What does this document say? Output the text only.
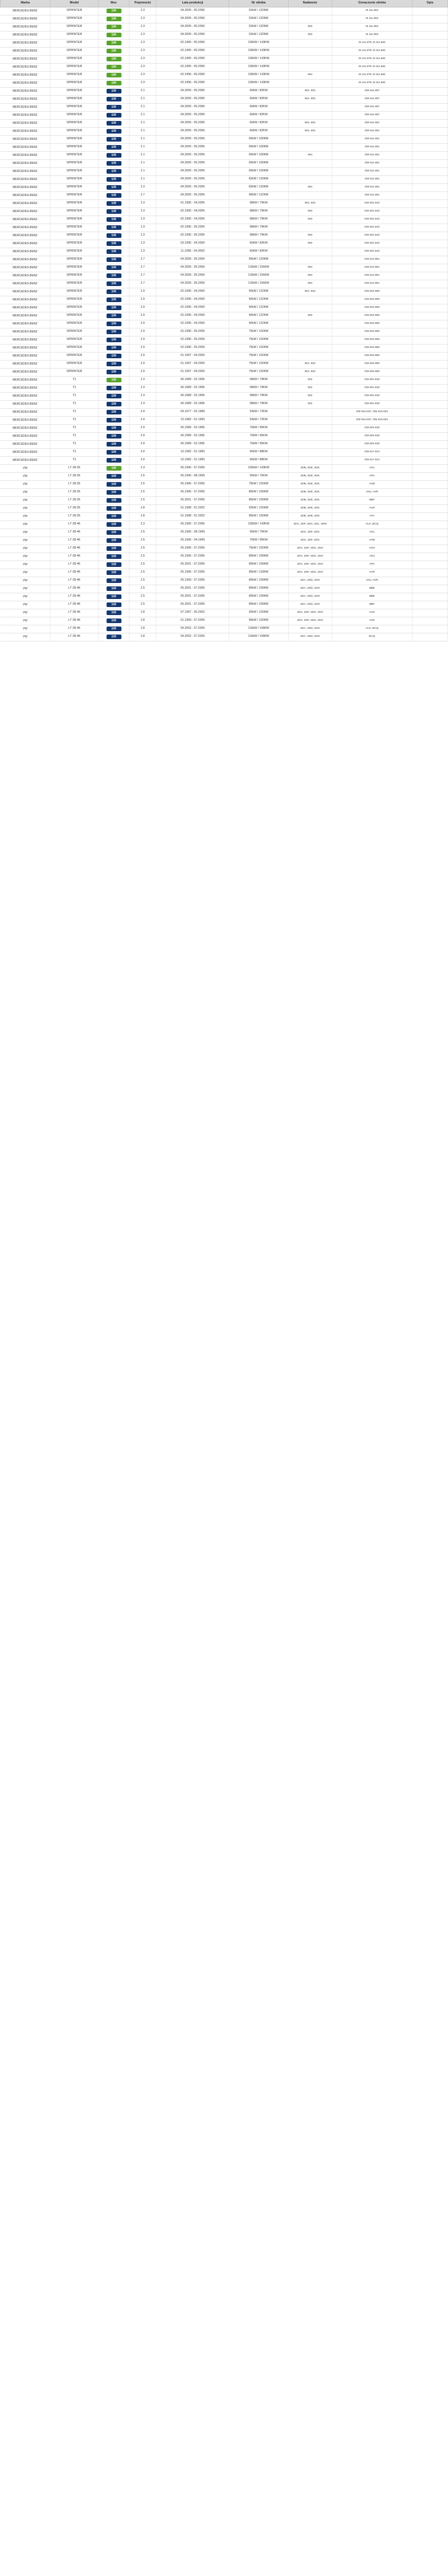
Marka	Model	Moc	Pojemność	Lata produkcji	Nr silnika	Nadwozie	Oznaczenie silnika	Opis
MERCEDES-BENZ	SPRINTER	109	2.3	04.2000 - 05.2006	52kW / 120KM		M 111.984	
MERCEDES-BENZ	SPRINTER	109	2.3	04.2000 - 05.2006	52kW / 120KM		M 111.984	
MERCEDES-BENZ	SPRINTER	109	2.3	04.2000 - 05.2006	52kW / 120KM	903	M 111.984	
MERCEDES-BENZ	SPRINTER	109	2.3	04.2000 - 05.2006	52kW / 120KM	903	M 111.984	
MERCEDES-BENZ	SPRINTER	109	2.3	02.1995 - 05.2006	105kW / 143KM		M 111.979; M 111.984	
MERCEDES-BENZ	SPRINTER	109	2.3	02.1995 - 05.2006	105kW / 143KM		M 111.979; M 111.984	
MERCEDES-BENZ	SPRINTER	109	2.3	02.1995 - 05.2006	105kW / 143KM		M 111.979; M 111.984	
MERCEDES-BENZ	SPRINTER	109	2.3	02.1995 - 05.2006	105kW / 143KM		M 111.979; M 111.984	
MERCEDES-BENZ	SPRINTER	109	2.3	02.1996 - 05.2006	105kW / 143KM	904	M 111.979; M 111.984	
MERCEDES-BENZ	SPRINTER	109	2.3	02.1996 - 05.2006	105kW / 143KM		M 111.979; M 111.984	
MERCEDES-BENZ	SPRINTER	109	2.1	04.2000 - 05.2006	60kW / 82KM	901; 902	OM 611.987	
MERCEDES-BENZ	SPRINTER	109	2.1	04.2000 - 05.2006	60kW / 82KM	901; 902	OM 611.987	
MERCEDES-BENZ	SPRINTER	109	2.1	04.2000 - 05.2006	60kW / 82KM		OM 611.987	
MERCEDES-BENZ	SPRINTER	109	2.1	04.2000 - 05.2006	60kW / 82KM		OM 611.987	
MERCEDES-BENZ	SPRINTER	109	2.1	04.2000 - 05.2006	60kW / 82KM	901; 902	OM 611.981	
MERCEDES-BENZ	SPRINTER	109	2.1	04.2000 - 05.2006	60kW / 82KM	901; 902	OM 611.981	
MERCEDES-BENZ	SPRINTER	109	2.1	04.2000 - 05.2006	60kW / 100KM		OM 611.981	
MERCEDES-BENZ	SPRINTER	109	2.1	04.2000 - 05.2006	60kW / 100KM		OM 611.981	
MERCEDES-BENZ	SPRINTER	109	2.1	04.2000 - 05.2006	60kW / 100KM	904	OM 611.981	
MERCEDES-BENZ	SPRINTER	109	2.1	04.2000 - 05.2006	60kW / 100KM		OM 611.981	
MERCEDES-BENZ	SPRINTER	109	2.1	04.2000 - 05.2006	60kW / 100KM		OM 611.981	
MERCEDES-BENZ	SPRINTER	109	2.1	04.2000 - 05.2006	82kW / 120KM		OM 611.981	
MERCEDES-BENZ	SPRINTER	109	2.3	04.2000 - 05.2006	82kW / 120KM	904	OM 611.981	
MERCEDES-BENZ	SPRINTER	109	2.7	04.2000 - 05.2006	90kW / 122KM		OM 611.981	
MERCEDES-BENZ	SPRINTER	109	2.3	01.1995 - 04.2006	58kW / 79KM	901; 902	OM 601.943	
MERCEDES-BENZ	SPRINTER	109	2.3	02.1995 - 04.2006	58kW / 79KM	903	OM 601.943	
MERCEDES-BENZ	SPRINTER	109	2.3	02.1995 - 04.2006	58kW / 79KM	903	OM 601.943	
MERCEDES-BENZ	SPRINTER	109	2.3	02.1996 - 05.2006	58kW / 79KM		OM 601.943	
MERCEDES-BENZ	SPRINTER	109	2.3	02.1996 - 05.2006	58kW / 79KM	903	OM 601.943	
MERCEDES-BENZ	SPRINTER	109	2.3	03.1996 - 04.2000	60kW / 82KM	903	OM 601.943	
MERCEDES-BENZ	SPRINTER	109	2.3	11.1996 - 04.2000	60kW / 82KM		OM 601.943	
MERCEDES-BENZ	SPRINTER	109	2.7	04.2000 - 05.2006	95kW / 129KM		OM 612.981	
MERCEDES-BENZ	SPRINTER	109	2.7	04.2000 - 05.2006	115kW / 156KM	904	OM 612.981	
MERCEDES-BENZ	SPRINTER	109	2.7	04.2000 - 05.2006	115kW / 156KM	904	OM 612.981	
MERCEDES-BENZ	SPRINTER	109	2.7	04.2000 - 05.2006	115kW / 156KM	904	OM 612.981	
MERCEDES-BENZ	SPRINTER	109	2.9	02.1995 - 04.2000	90kW / 122KM	901; 902	OM 602.980	
MERCEDES-BENZ	SPRINTER	109	2.9	02.1995 - 04.2000	90kW / 122KM		OM 602.980	
MERCEDES-BENZ	SPRINTER	109	2.9	02.1995 - 04.2000	90kW / 122KM		OM 602.980	
MERCEDES-BENZ	SPRINTER	109	2.9	02.1995 - 04.2000	90kW / 122KM	903	OM 602.980	
MERCEDES-BENZ	SPRINTER	109	2.9	02.1995 - 04.2000	90kW / 122KM		OM 602.980	
MERCEDES-BENZ	SPRINTER	109	2.9	02.1996 - 05.2006	75kW / 102KM		OM 602.980	
MERCEDES-BENZ	SPRINTER	109	2.9	02.1996 - 05.2006	75kW / 102KM		OM 602.980	
MERCEDES-BENZ	SPRINTER	109	2.9	02.1996 - 05.2006	75kW / 102KM		OM 602.980	
MERCEDES-BENZ	SPRINTER	109	2.9	01.1997 - 04.2000	75kW / 102KM		OM 602.980	
MERCEDES-BENZ	SPRINTER	109	2.9	01.1997 - 04.2000	75kW / 102KM	901; 902	OM 602.980	
MERCEDES-BENZ	SPRINTER	109	2.9	01.1997 - 04.2000	75kW / 102KM	901; 902	OM 602.980	
MERCEDES-BENZ	T1	109	2.3	06.1989 - 02.1996	58kW / 79KM	602	OM 601.940	
MERCEDES-BENZ	T1	109	2.3	06.1989 - 02.1996	58kW / 79KM	602	OM 601.940	
MERCEDES-BENZ	T1	109	2.3	06.1989 - 02.1996	58kW / 79KM	602	OM 601.940	
MERCEDES-BENZ	T1	109	2.3	06.1989 - 02.1996	58kW / 79KM	602	OM 601.940	
MERCEDES-BENZ	T1	109	2.4	04.1977 - 02.1989	53kW / 72KM		OM 616.937; OM 616.934	
MERCEDES-BENZ	T1	109	2.4	10.1982 - 01.1990	53kW / 72KM		OM 616.937; OM 616.934	
MERCEDES-BENZ	T1	109	2.9	06.1989 - 02.1996	70kW / 95KM		OM 602.940	
MERCEDES-BENZ	T1	109	2.9	06.1989 - 02.1996	70kW / 95KM		OM 602.940	
MERCEDES-BENZ	T1	109	2.9	06.1989 - 02.1996	70kW / 95KM		OM 602.940	
MERCEDES-BENZ	T1	109	3.0	10.1982 - 01.1990	65kW / 88KM		OM 617.913	
MERCEDES-BENZ	T1	109	3.0	10.1982 - 01.1990	65kW / 88KM		OM 617.913	
VW	LT 28-35	109	2.3	05.1996 - 07.2006	105kW / 143KM	2DB, 2DE, 2DK	AGL	
VW	LT 28-35	109	2.5	05.1996 - 08.1999	55kW / 75KM	2DB, 2DE, 2DK	APA	
VW	LT 28-35	109	2.5	05.1996 - 07.2006	75kW / 102KM	2DB, 2DE, 2DK	AHD	
VW	LT 28-35	109	2.5	05.1996 - 07.2006	80kW / 109KM	2DB, 2DE, 2DK	ANJ, AVR	
VW	LT 28-35	109	2.5	05.2001 - 07.2006	80kW / 109KM	2DB, 2DE, 2DK	BBF	
VW	LT 28-35	109	2.8	01.1998 - 01.2002	92kW / 125KM	2DB, 2DE, 2DK	AUH	
VW	LT 28-35	109	2.8	01.1998 - 01.2002	96kW / 130KM	2DB, 2DE, 2DK	ATA	
VW	LT 28-46	109	2.3	05.1996 - 07.2006	105kW / 143KM	2DC, 2DF, 2DG, 2DL, 2DM	ALH, BCQ	
VW	LT 28-46	109	2.5	05.1996 - 08.1999	55kW / 75KM	2DC, 2DF, 2DG	AGL	
VW	LT 28-46	109	2.5	05.1996 - 04.1999	70kW / 95KM	2DC, 2DF, 2DG	AHD	
VW	LT 28-46	109	2.5	05.1996 - 07.2006	75kW / 102KM	2DC, 2DF, 2DG, 2DH	AGX	
VW	LT 28-46	109	2.5	05.1996 - 07.2006	80kW / 109KM	2DC, 2DF, 2DG, 2DH	ANJ	
VW	LT 28-46	109	2.5	05.2001 - 07.2006	80kW / 109KM	2DC, 2DF, 2DG, 2DH	APA	
VW	LT 28-46	109	2.5	05.1996 - 07.2006	85kW / 116KM	2DC, 2DF, 2DG, 2DH	AVR	
VW	LT 28-46	109	2.5	05.1999 - 07.2006	80kW / 109KM	2DA, 2DD, 2DH	ANJ, AVR	
VW	LT 28-46	109	2.5	05.2001 - 07.2006	80kW / 109KM	2DA, 2DD, 2DH	BBE	
VW	LT 28-46	109	2.5	05.2001 - 07.2006	80kW / 109KM	2DA, 2DD, 2DH	BBE	
VW	LT 28-46	109	2.5	05.2001 - 07.2006	80kW / 109KM	2DA, 2DD, 2DH	BBF	
VW	LT 28-46	109	2.8	07.1997 - 05.2002	92kW / 125KM	2DC, 2DF, 2DG, 2DH	AUH	
VW	LT 28-46	109	2.8	01.1999 - 07.2006	96kW / 130KM	2DC, 2DF, 2DG, 2DH	AGK	
VW	LT 28-46	109	2.8	04.2002 - 07.2006	116kW / 158KM	2DA, 2DD, 2DH	ALH, BCQ	
VW	LT 28-46	109	2.8	04.2002 - 07.2006	116kW / 158KM	2DA, 2DD, 2DH	BCQ	
